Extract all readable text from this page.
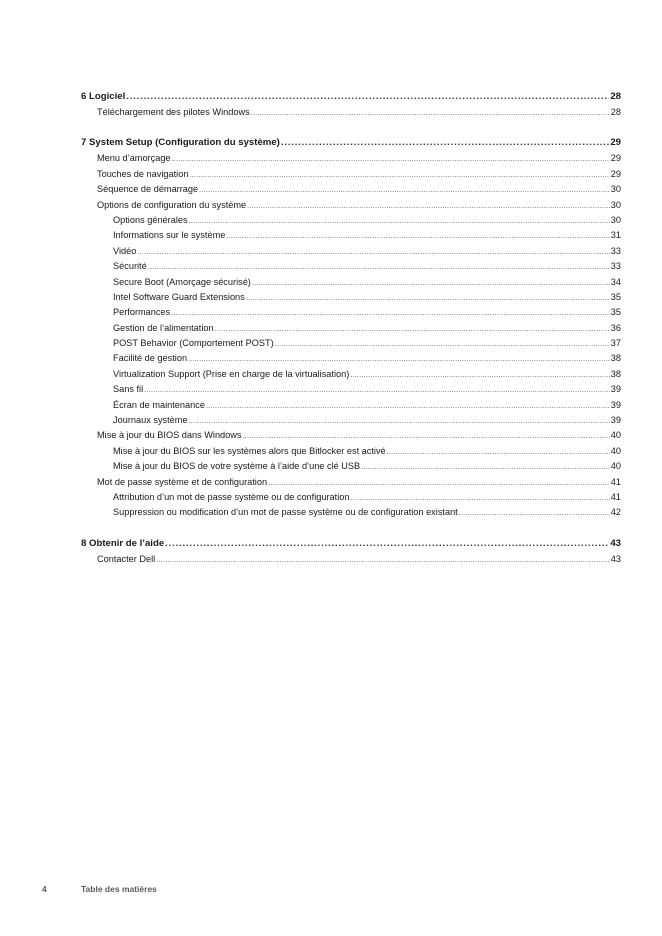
6 Logiciel .....	28
Téléchargement des pilotes Windows .....	28
7 System Setup (Configuration du système) .....	29
Menu d’amorçage .....	29
Touches de navigation .....	29
Séquence de démarrage .....	30
Options de configuration du système .....	30
Options générales .....	30
Informations sur le système .....	31
Vidéo .....	33
Sécurité .....	33
Secure Boot (Amorçage sécurisé) .....	34
Intel Software Guard Extensions .....	35
Performances .....	35
Gestion de l’alimentation .....	36
POST Behavior (Comportement POST) .....	37
Facilité de gestion .....	38
Virtualization Support (Prise en charge de la virtualisation) .....	38
Sans fil .....	39
Écran de maintenance .....	39
Journaux système .....	39
Mise à jour du BIOS dans Windows .....	40
Mise à jour du BIOS sur les systèmes alors que Bitlocker est activé .....	40
Mise à jour du BIOS de votre système à l’aide d’une clé USB .....	40
Mot de passe système et de configuration .....	41
Attribution d’un mot de passe système ou de configuration .....	41
Suppression ou modification d’un mot de passe système ou de configuration existant .....	42
8 Obtenir de l’aide .....	43
Contacter Dell .....	43
4	Table des matières
